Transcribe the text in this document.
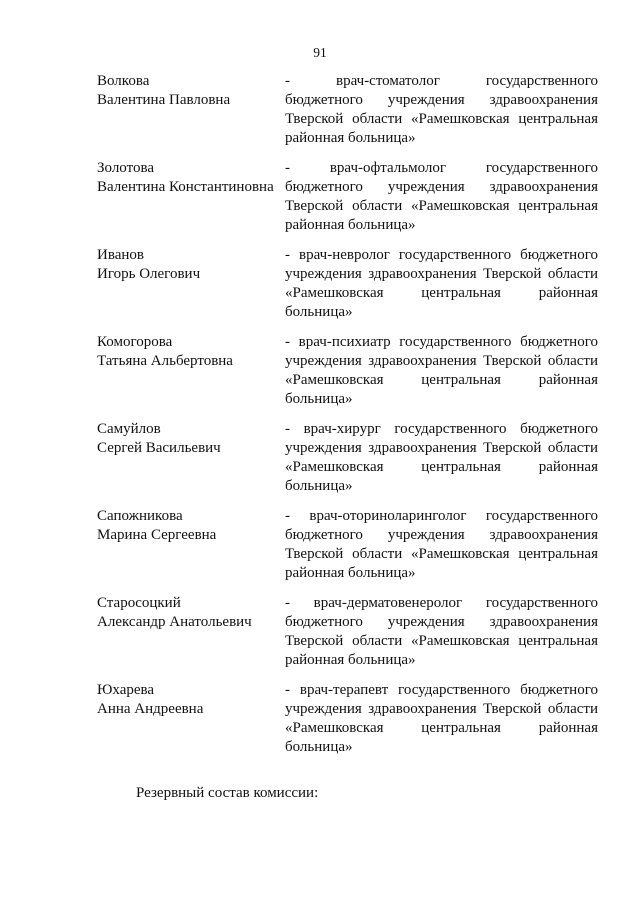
91
Волкова
Валентина Павловна
- врач-стоматолог государственного
бюджетного учреждения здравоохранения
Тверской области «Рамешковская центральная
районная больница»
Золотова
Валентина Константиновна
- врач-офтальмолог государственного
бюджетного учреждения здравоохранения
Тверской области «Рамешковская центральная
районная больница»
Иванов
Игорь Олегович
- врач-невролог государственного бюджетного
учреждения здравоохранения Тверской области
«Рамешковская центральная районная
больница»
Комогорова
Татьяна Альбертовна
- врач-психиатр государственного бюджетного
учреждения здравоохранения Тверской области
«Рамешковская центральная районная
больница»
Самуйлов
Сергей Васильевич
- врач-хирург государственного бюджетного
учреждения здравоохранения Тверской области
«Рамешковская центральная районная
больница»
Сапожникова
Марина Сергеевна
- врач-оториноларинголог государственного
бюджетного учреждения здравоохранения
Тверской области «Рамешковская центральная
районная больница»
Староcоцкий
Александр Анатольевич
- врач-дерматовенеролог государственного
бюджетного учреждения здравоохранения
Тверской области «Рамешковская центральная
районная больница»
Юхарева
Анна Андреевна
- врач-терапевт государственного бюджетного
учреждения здравоохранения Тверской области
«Рамешковская центральная районная
больница»
Резервный состав комиссии:
